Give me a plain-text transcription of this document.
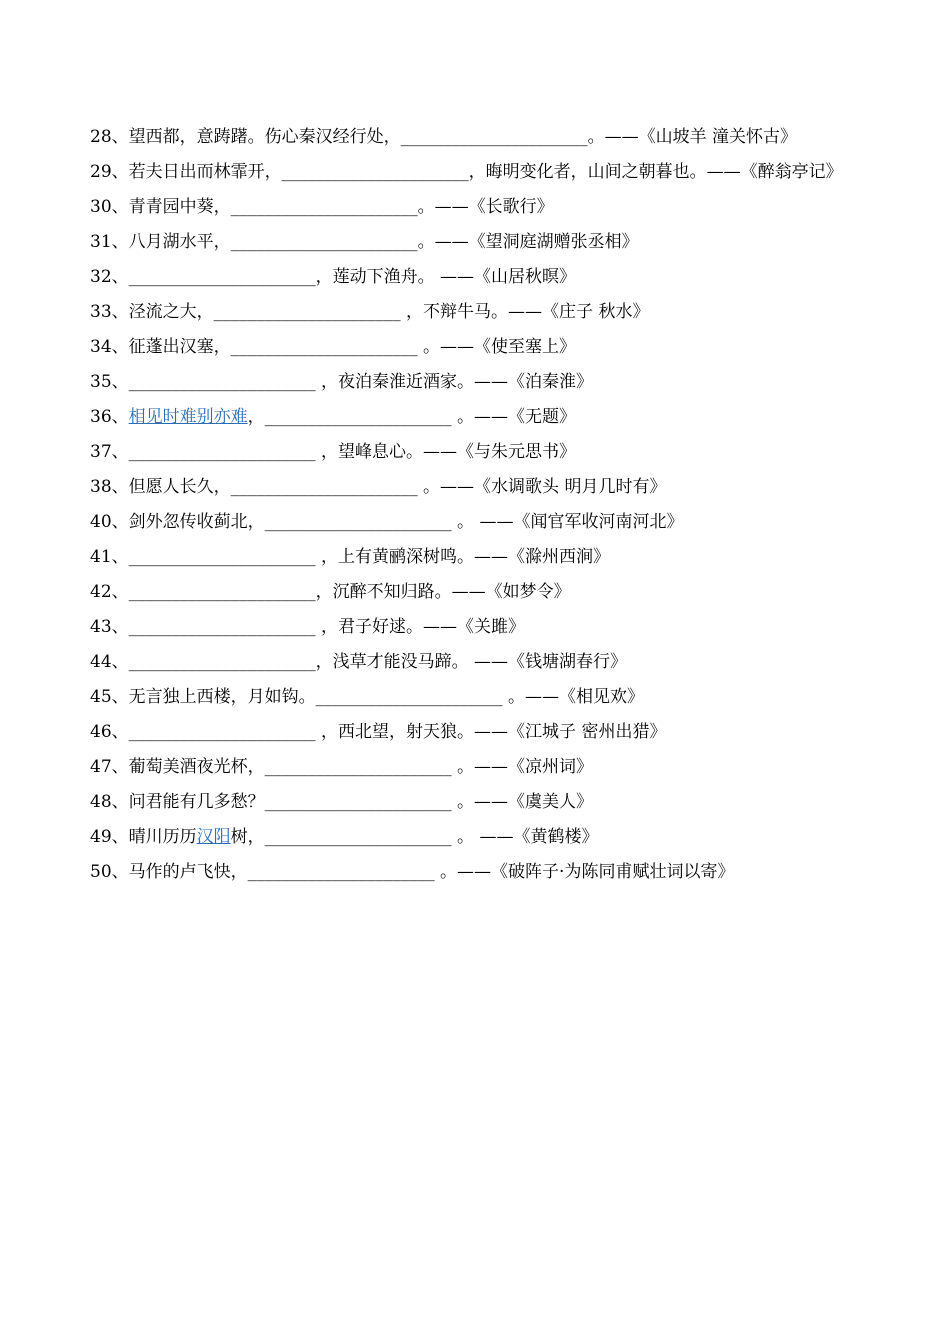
28、望西都，意踌躇。伤心秦汉经行处，______________________。——《山坡羊 潼关怀古》
29、若夫日出而林霏开，______________________，晦明变化者，山间之朝暮也。——《醉翁亭记》
30、青青园中葵，______________________。——《长歌行》
31、八月湖水平，______________________。——《望洞庭湖赠张丞相》
32、______________________，莲动下渔舟。 ——《山居秋暝》
33、泾流之大，______________________ ，不辩牛马。——《庄子 秋水》
34、征蓬出汉塞，______________________ 。——《使至塞上》
35、______________________ ，夜泊秦淮近酒家。——《泊秦淮》
36、相见时难别亦难，______________________ 。——《无题》
37、______________________ ，望峰息心。——《与朱元思书》
38、但愿人长久，______________________ 。——《水调歌头 明月几时有》
40、剑外忽传收蓟北，______________________ 。 ——《闻官军收河南河北》
41、______________________ ，上有黄鹂深树鸣。——《滁州西涧》
42、______________________，沉醉不知归路。——《如梦令》
43、______________________ ，君子好逑。——《关雎》
44、______________________，浅草才能没马蹄。 ——《钱塘湖春行》
45、无言独上西楼，月如钩。______________________ 。——《相见欢》
46、______________________ ，西北望，射天狼。——《江城子 密州出猎》
47、葡萄美酒夜光杯，______________________ 。——《凉州词》
48、问君能有几多愁？______________________ 。——《虞美人》
49、晴川历历汉阳树，______________________ 。 ——《黄鹤楼》
50、马作的卢飞快，______________________ 。——《破阵子·为陈同甫赋壮词以寄》
